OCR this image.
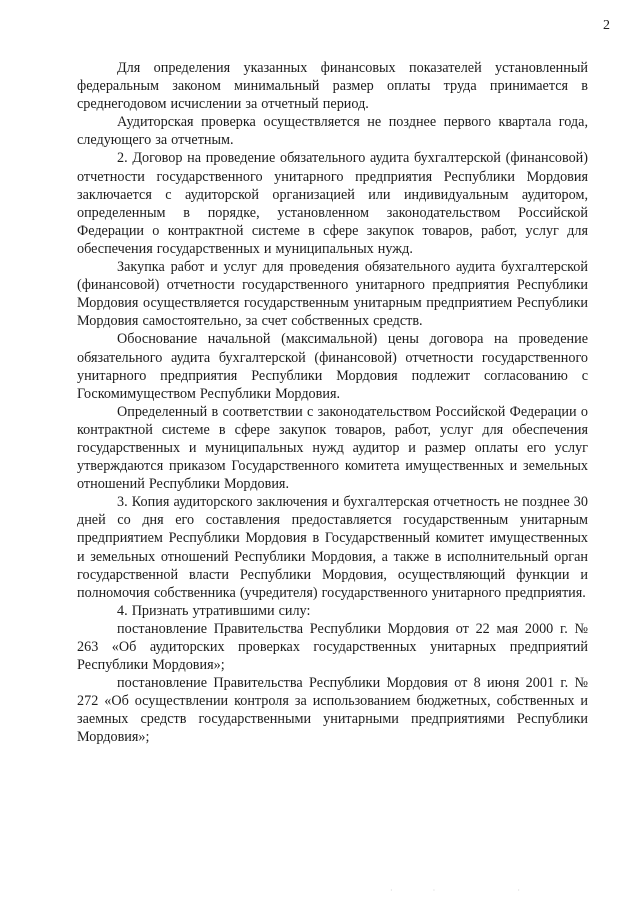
2

Для определения указанных финансовых показателей установленный федеральным законом минимальный размер оплаты труда принимается в среднегодовом исчислении за отчетный период.

Аудиторская проверка осуществляется не позднее первого квартала года, следующего за отчетным.

2. Договор на проведение обязательного аудита бухгалтерской (финансовой) отчетности государственного унитарного предприятия Республики Мордовия заключается с аудиторской организацией или индивидуальным аудитором, определенным в порядке, установленном законодательством Российской Федерации о контрактной системе в сфере закупок товаров, работ, услуг для обеспечения государственных и муниципальных нужд.

Закупка работ и услуг для проведения обязательного аудита бухгалтерской (финансовой) отчетности государственного унитарного предприятия Республики Мордовия осуществляется государственным унитарным предприятием Республики Мордовия самостоятельно, за счет собственных средств.

Обоснование начальной (максимальной) цены договора на проведение обязательного аудита бухгалтерской (финансовой) отчетности государственного унитарного предприятия Республики Мордовия подлежит согласованию с Госкомимуществом Республики Мордовия.

Определенный в соответствии с законодательством Российской Федерации о контрактной системе в сфере закупок товаров, работ, услуг для обеспечения государственных и муниципальных нужд аудитор и размер оплаты его услуг утверждаются приказом Государственного комитета имущественных и земельных отношений Республики Мордовия.

3. Копия аудиторского заключения и бухгалтерская отчетность не позднее 30 дней со дня его составления предоставляется государственным унитарным предприятием Республики Мордовия в Государственный комитет имущественных и земельных отношений Республики Мордовия, а также в исполнительный орган государственной власти Республики Мордовия, осуществляющий функции и полномочия собственника (учредителя) государственного унитарного предприятия.

4. Признать утратившими силу:

постановление Правительства Республики Мордовия от 22 мая 2000 г. № 263 «Об аудиторских проверках государственных унитарных предприятий Республики Мордовия»;

постановление Правительства Республики Мордовия от 8 июня 2001 г. № 272 «Об осуществлении контроля за использованием бюджетных, собственных и заемных средств государственными унитарными предприятиями Республики Мордовия»;

·· ·
